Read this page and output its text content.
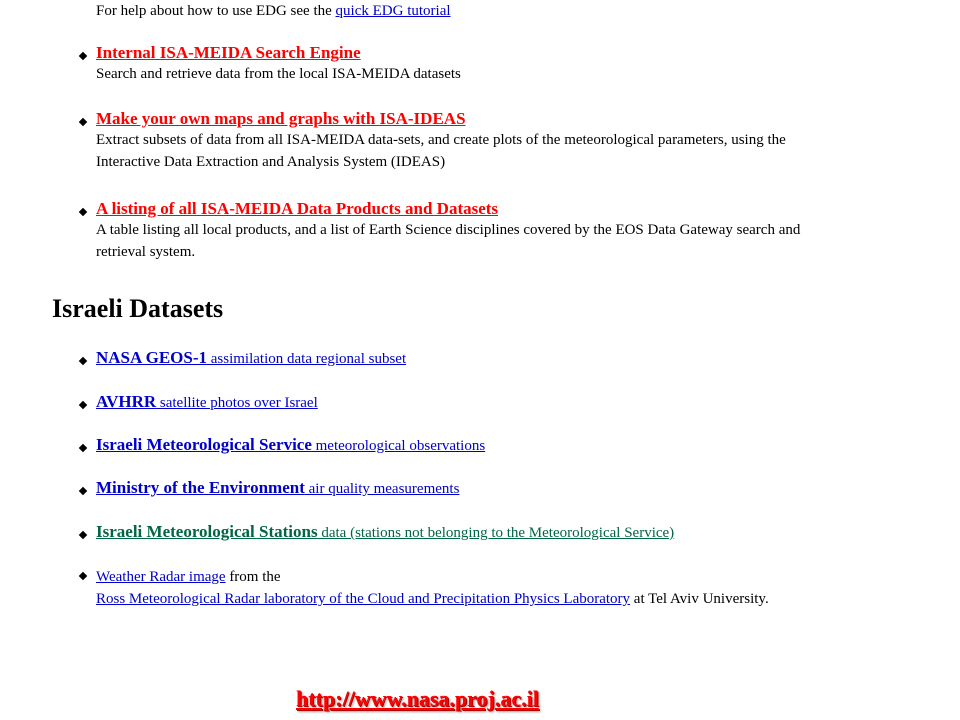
For help about how to use EDG see the quick EDG tutorial
Internal ISA-MEIDA Search Engine
Search and retrieve data from the local ISA-MEIDA datasets
Make your own maps and graphs with ISA-IDEAS
Extract subsets of data from all ISA-MEIDA data-sets, and create plots of the meteorological parameters, using the
Interactive Data Extraction and Analysis System (IDEAS)
A listing of all ISA-MEIDA Data Products and Datasets
A table listing all local products, and a list of Earth Science disciplines covered by the EOS Data Gateway search and
retrieval system.
Israeli Datasets
NASA GEOS-1 assimilation data regional subset
AVHRR satellite photos over Israel
Israeli Meteorological Service meteorological observations
Ministry of the Environment air quality measurements
Israeli Meteorological Stations data (stations not belonging to the Meteorological Service)
Weather Radar image from the
Ross Meteorological Radar laboratory of the Cloud and Precipitation Physics Laboratory at Tel Aviv University.
http://www.nasa.proj.ac.il
